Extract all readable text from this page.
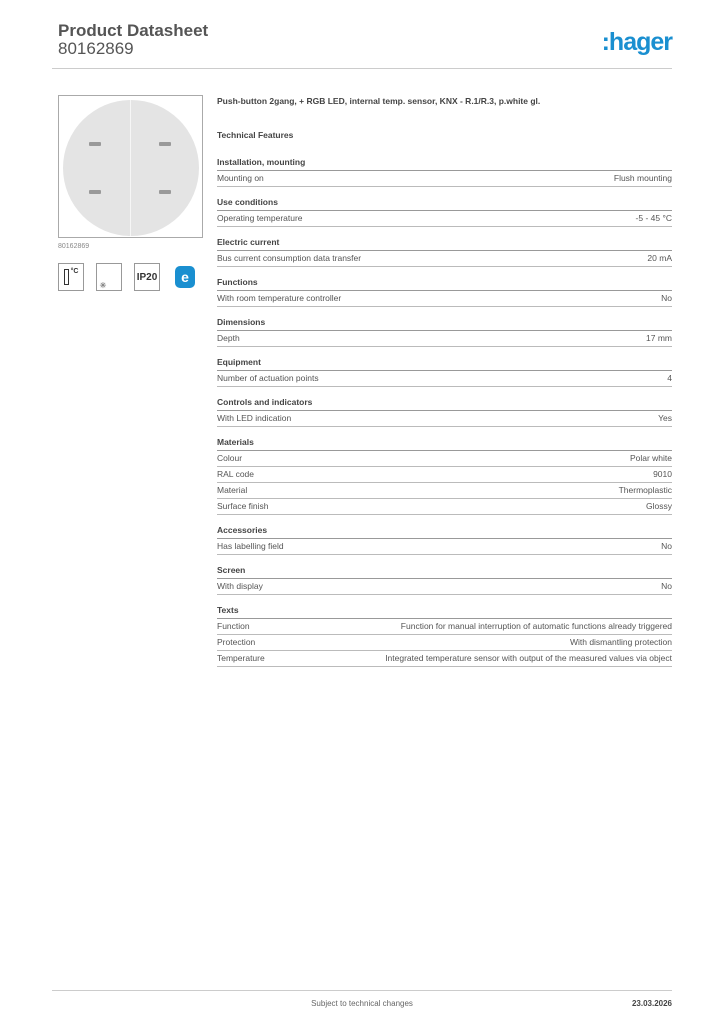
Product Datasheet
80162869	:hager
80162869
°C
✳
IP20	e
Push-button 2gang, + RGB LED, internal temp. sensor, KNX - R.1/R.3, p.white gl.
Technical Features
Installation, mounting
Mounting on	Flush mounting
Use conditions
Operating temperature	-5 - 45 °C
Electric current
Bus current consumption data transfer	20 mA
Functions
With room temperature controller	No
Dimensions
Depth	17 mm
Equipment
Number of actuation points	4
Controls and indicators
With LED indication	Yes
Materials
Colour	Polar white
RAL code	9010
Material	Thermoplastic
Surface finish	Glossy
Accessories
Has labelling field	No
Screen
With display	No
Texts
Function	Function for manual interruption of automatic functions already triggered
Protection	With dismantling protection
Temperature	Integrated temperature sensor with output of the measured values via object
Subject to technical changes	23.03.2026
